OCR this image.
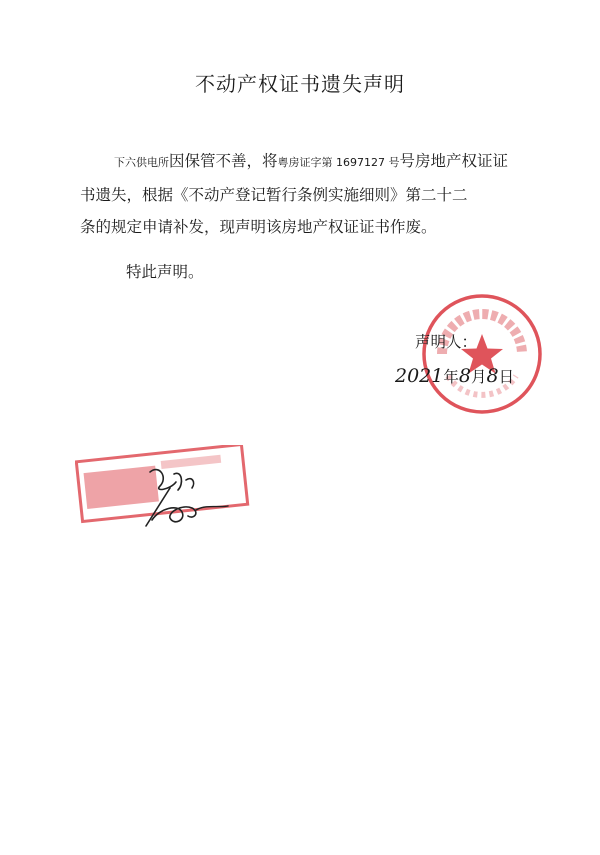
不动产权证书遗失声明
下六供电所因保管不善，将粤房证字第 1697127 号号房地产权证证
书遗失，根据《不动产登记暂行条例实施细则》第二十二
条的规定申请补发，现声明该房地产权证证书作废。
特此声明。
声明人：
2021年8月8日
